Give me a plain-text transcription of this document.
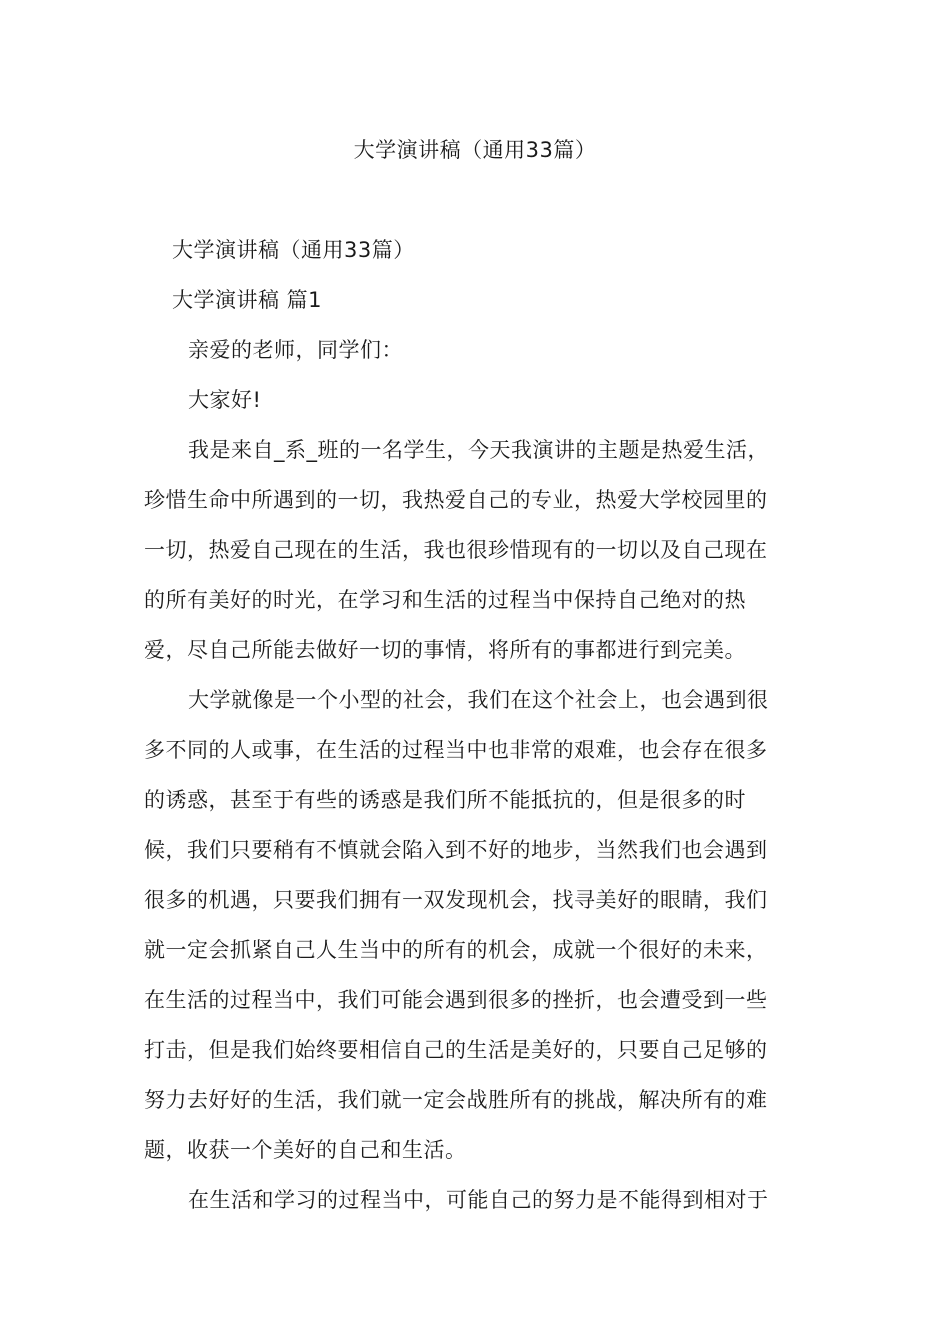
大学演讲稿（通用33篇）
大学演讲稿（通用33篇）
大学演讲稿 篇1
亲爱的老师，同学们：
大家好!
我是来自_系_班的一名学生，今天我演讲的主题是热爱生活，
珍惜生命中所遇到的一切，我热爱自己的专业，热爱大学校园里的
一切，热爱自己现在的生活，我也很珍惜现有的一切以及自己现在
的所有美好的时光，在学习和生活的过程当中保持自己绝对的热
爱，尽自己所能去做好一切的事情，将所有的事都进行到完美。
大学就像是一个小型的社会，我们在这个社会上，也会遇到很
多不同的人或事，在生活的过程当中也非常的艰难，也会存在很多
的诱惑，甚至于有些的诱惑是我们所不能抵抗的，但是很多的时
候，我们只要稍有不慎就会陷入到不好的地步，当然我们也会遇到
很多的机遇，只要我们拥有一双发现机会，找寻美好的眼睛，我们
就一定会抓紧自己人生当中的所有的机会，成就一个很好的未来，
在生活的过程当中，我们可能会遇到很多的挫折，也会遭受到一些
打击，但是我们始终要相信自己的生活是美好的，只要自己足够的
努力去好好的生活，我们就一定会战胜所有的挑战，解决所有的难
题，收获一个美好的自己和生活。
在生活和学习的过程当中，可能自己的努力是不能得到相对于
